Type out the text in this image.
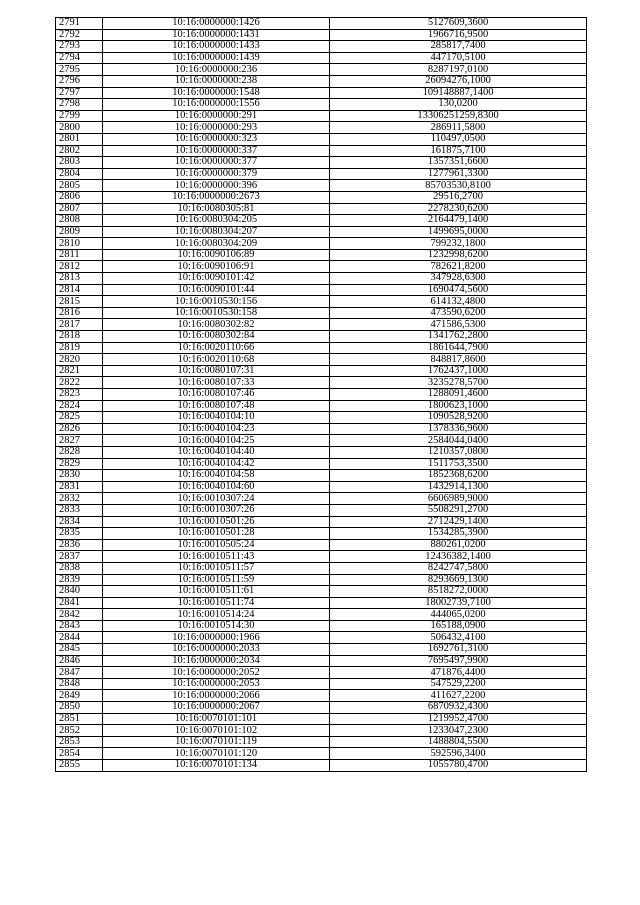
2791	10:16:0000000:1426	5127609,3600
2792	10:16:0000000:1431	1966716,9500
2793	10:16:0000000:1433	285817,7400
2794	10:16:0000000:1439	447170,5100
2795	10:16:0000000:236	8287197,0100
2796	10:16:0000000:238	26094276,1000
2797	10:16:0000000:1548	109148887,1400
2798	10:16:0000000:1556	130,0200
2799	10:16:0000000:291	13306251259,8300
2800	10:16:0000000:293	286911,5800
2801	10:16:0000000:323	110497,0500
2802	10:16:0000000:337	161875,7100
2803	10:16:0000000:377	1357351,6600
2804	10:16:0000000:379	1277961,3300
2805	10:16:0000000:396	85703530,8100
2806	10:16:0000000:2673	29516,2700
2807	10:16:0080305:81	2278230,6200
2808	10:16:0080304:205	2164479,1400
2809	10:16:0080304:207	1499695,0000
2810	10:16:0080304:209	799232,1800
2811	10:16:0090106:89	1232998,6200
2812	10:16:0090106:91	782621,8200
2813	10:16:0090101:42	347928,6300
2814	10:16:0090101:44	1690474,5600
2815	10:16:0010530:156	614132,4800
2816	10:16:0010530:158	473590,6200
2817	10:16:0080302:82	471586,5300
2818	10:16:0080302:84	1341762,2800
2819	10:16:0020110:66	1861644,7900
2820	10:16:0020110:68	848817,8600
2821	10:16:0080107:31	1762437,1000
2822	10:16:0080107:33	3235278,5700
2823	10:16:0080107:46	1288091,4600
2824	10:16:0080107:48	1800623,1000
2825	10:16:0040104:10	1090528,9200
2826	10:16:0040104:23	1378336,9600
2827	10:16:0040104:25	2584044,0400
2828	10:16:0040104:40	1210357,0800
2829	10:16:0040104:42	1511753,3500
2830	10:16:0040104:58	1852368,6200
2831	10:16:0040104:60	1432914,1300
2832	10:16:0010307:24	6606989,9000
2833	10:16:0010307:26	5508291,2700
2834	10:16:0010501:26	2712429,1400
2835	10:16:0010501:28	1534285,3900
2836	10:16:0010505:24	880261,0200
2837	10:16:0010511:43	12436382,1400
2838	10:16:0010511:57	8242747,5800
2839	10:16:0010511:59	8293669,1300
2840	10:16:0010511:61	8518272,0000
2841	10:16:0010511:74	18002739,7100
2842	10:16:0010514:24	444065,0200
2843	10:16:0010514:30	165188,0900
2844	10:16:0000000:1966	506432,4100
2845	10:16:0000000:2033	1692761,3100
2846	10:16:0000000:2034	7695497,9900
2847	10:16:0000000:2052	471876,4400
2848	10:16:0000000:2053	547529,2200
2849	10:16:0000000:2066	411627,2200
2850	10:16:0000000:2067	6870932,4300
2851	10:16:0070101:101	1219952,4700
2852	10:16:0070101:102	1233047,2300
2853	10:16:0070101:119	1488804,5500
2854	10:16:0070101:120	592596,3400
2855	10:16:0070101:134	1055780,4700
